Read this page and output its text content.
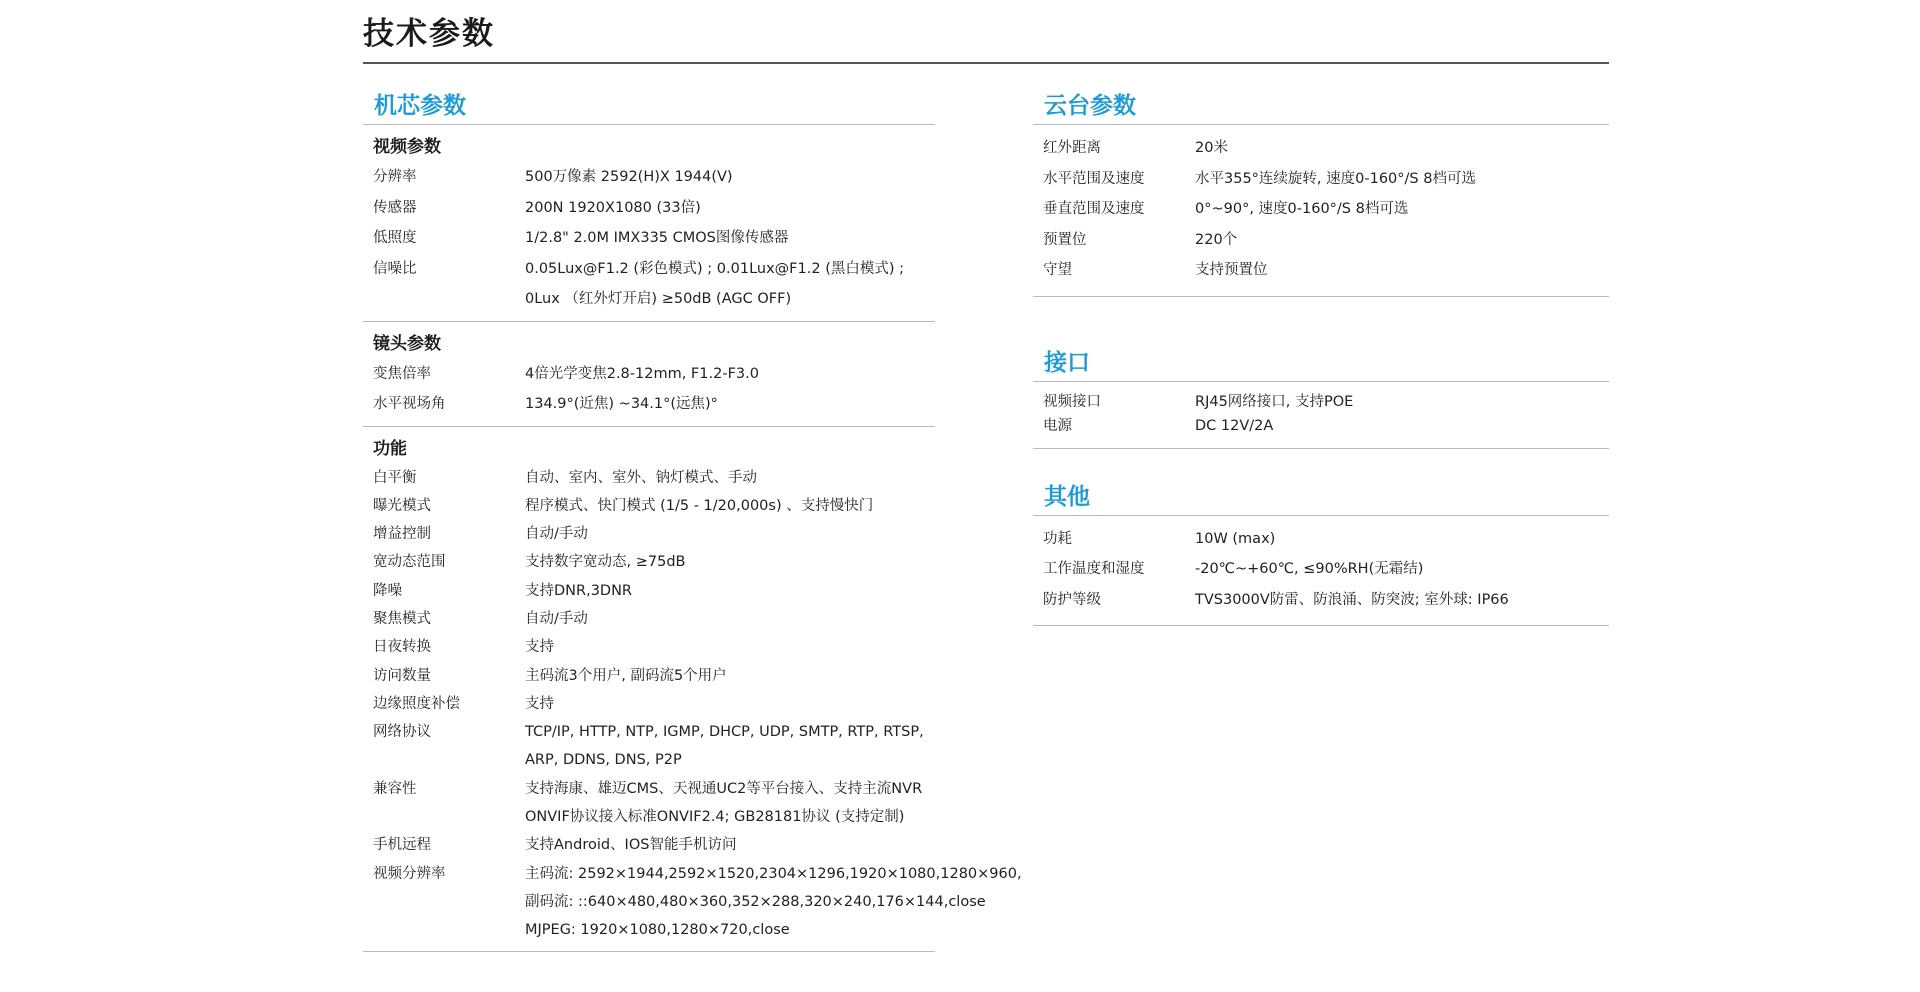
技术参数
机芯参数
视频参数
分辨率	500万像素 2592(H)X 1944(V)
传感器	200N 1920X1080 (33倍)
低照度	1/2.8" 2.0M IMX335 CMOS图像传感器
信噪比	0.05Lux@F1.2 (彩色模式) ; 0.01Lux@F1.2 (黑白模式) ;
0Lux （红外灯开启) ≥50dB (AGC OFF)
镜头参数
变焦倍率	4倍光学变焦2.8-12mm, F1.2-F3.0
水平视场角	134.9°(近焦) ~34.1°(远焦)°
功能
白平衡	自动、室内、室外、钠灯模式、手动
曝光模式	程序模式、快门模式 (1/5 - 1/20,000s) 、支持慢快门
增益控制	自动/手动
宽动态范围	支持数字宽动态, ≥75dB
降噪	支持DNR,3DNR
聚焦模式	自动/手动
日夜转换	支持
访问数量	主码流3个用户, 副码流5个用户
边缘照度补偿	支持
网络协议	TCP/IP, HTTP, NTP, IGMP, DHCP, UDP, SMTP, RTP, RTSP,
ARP, DDNS, DNS, P2P
兼容性	支持海康、雄迈CMS、天视通UC2等平台接入、支持主流NVR
ONVIF协议接入标准ONVIF2.4; GB28181协议 (支持定制)
手机远程	支持Android、IOS智能手机访问
视频分辨率	主码流: 2592×1944,2592×1520,2304×1296,1920×1080,1280×960,
副码流: ::640×480,480×360,352×288,320×240,176×144,close
MJPEG: 1920×1080,1280×720,close
云台参数
红外距离	20米
水平范围及速度	水平355°连续旋转, 速度0-160°/S 8档可选
垂直范围及速度	0°~90°, 速度0-160°/S 8档可选
预置位	220个
守望	支持预置位
接口
视频接口	RJ45网络接口, 支持POE
电源	DC 12V/2A
其他
功耗	10W (max)
工作温度和湿度	-20℃~+60℃, ≤90%RH(无霜结)
防护等级	TVS3000V防雷、防浪涌、防突波; 室外球: IP66
